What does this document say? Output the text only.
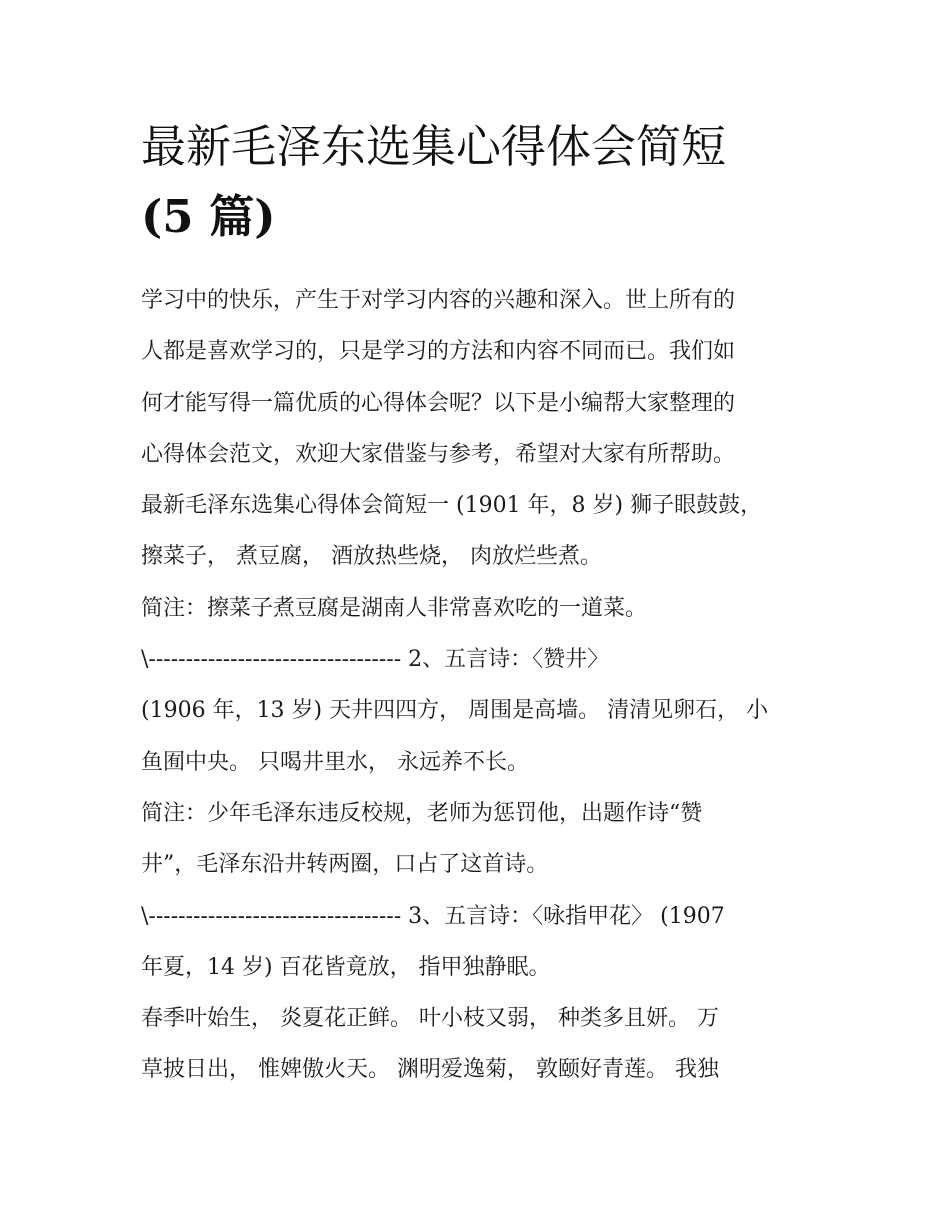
最新毛泽东选集心得体会简短
(5 篇)
学习中的快乐，产生于对学习内容的兴趣和深入。世上所有的
人都是喜欢学习的，只是学习的方法和内容不同而已。我们如
何才能写得一篇优质的心得体会呢？以下是小编帮大家整理的
心得体会范文，欢迎大家借鉴与参考，希望对大家有所帮助。
最新毛泽东选集心得体会简短一 (1901 年，8 岁) 狮子眼鼓鼓，
擦菜子， 煮豆腐， 酒放热些烧， 肉放烂些煮。
简注：擦菜子煮豆腐是湖南人非常喜欢吃的一道菜。
\---------------------------------- 2、五言诗：〈赞井〉
(1906 年，13 岁) 天井四四方， 周围是高墙。 清清见卵石， 小
鱼囿中央。 只喝井里水， 永远养不长。
简注：少年毛泽东违反校规，老师为惩罚他，出题作诗“赞
井”，毛泽东沿井转两圈，口占了这首诗。
\---------------------------------- 3、五言诗：〈咏指甲花〉 (1907
年夏，14 岁) 百花皆竟放， 指甲独静眠。
春季叶始生， 炎夏花正鲜。 叶小枝又弱， 种类多且妍。 万
草披日出， 惟婢傲火天。 渊明爱逸菊， 敦颐好青莲。 我独
